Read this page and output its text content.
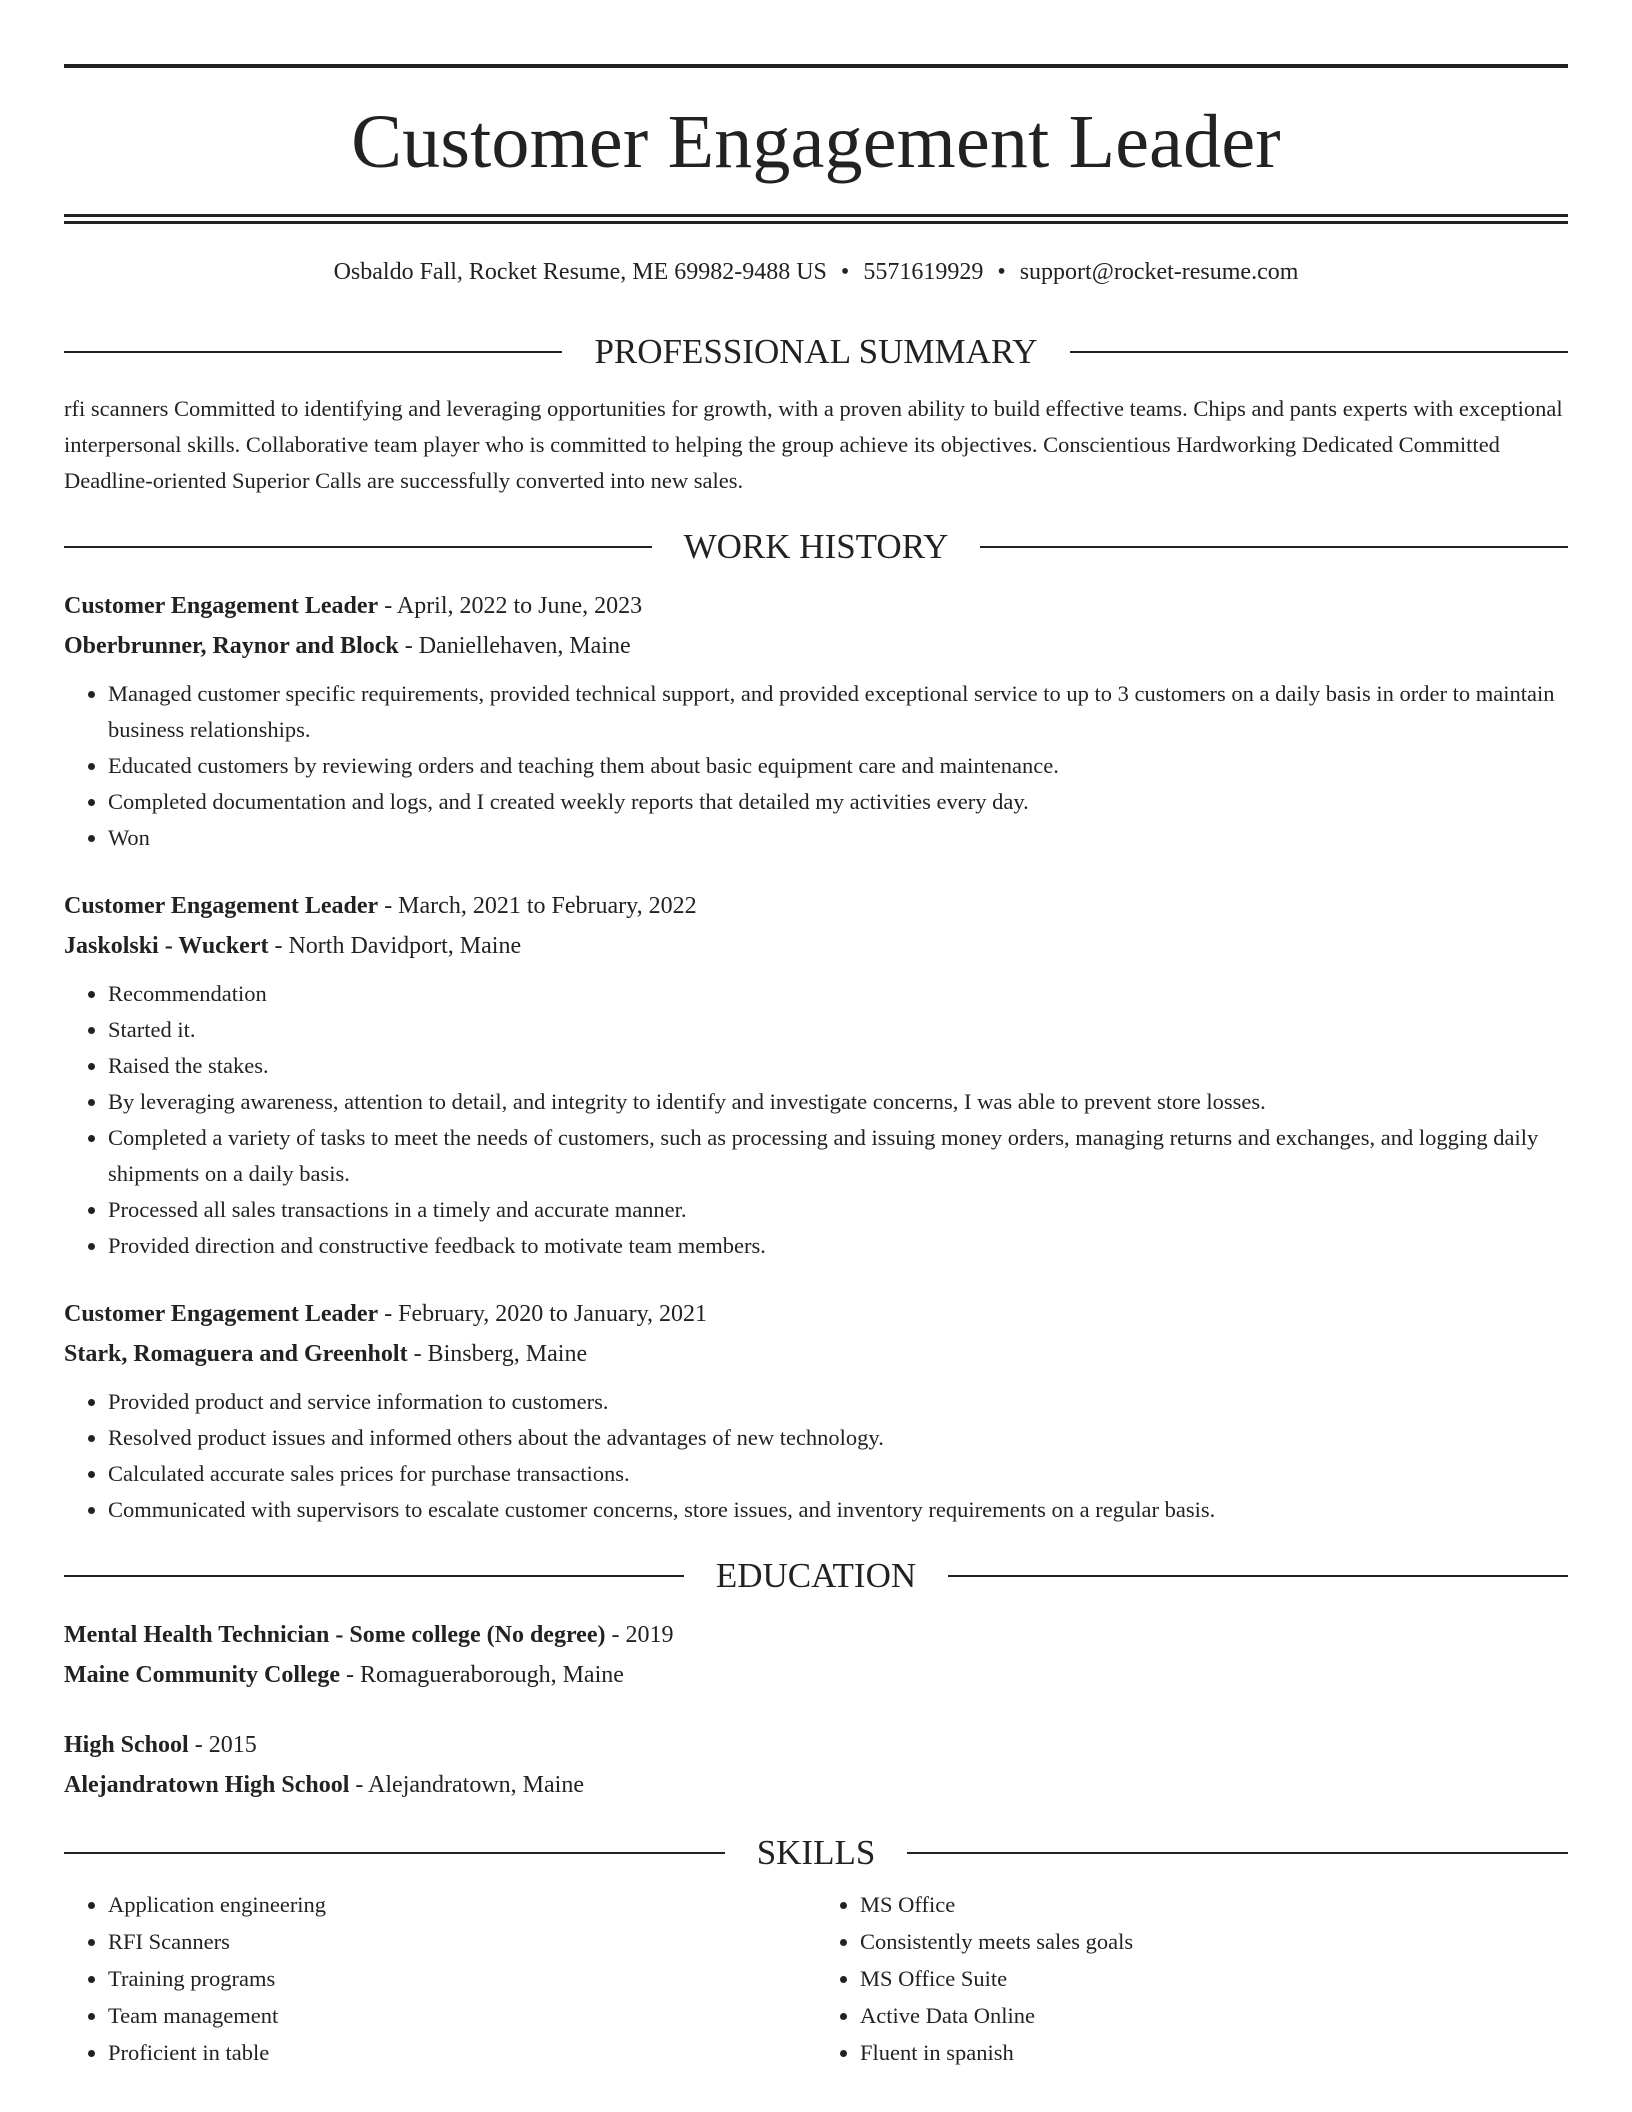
Customer Engagement Leader
Osbaldo Fall, Rocket Resume, ME 69982-9488 US • 5571619929 • support@rocket-resume.com
PROFESSIONAL SUMMARY

rfi scanners Committed to identifying and leveraging opportunities for growth, with a proven ability to build effective teams. Chips and pants experts with exceptional interpersonal skills. Collaborative team player who is committed to helping the group achieve its objectives. Conscientious Hardworking Dedicated Committed Deadline-oriented Superior Calls are successfully converted into new sales.

WORK HISTORY
Customer Engagement Leader - April, 2022 to June, 2023
Oberbrunner, Raynor and Block - Daniellehaven, Maine
• Managed customer specific requirements, provided technical support, and provided exceptional service to up to 3 customers on a daily basis in order to maintain business relationships.
• Educated customers by reviewing orders and teaching them about basic equipment care and maintenance.
• Completed documentation and logs, and I created weekly reports that detailed my activities every day.
• Won
Customer Engagement Leader - March, 2021 to February, 2022
Jaskolski - Wuckert - North Davidport, Maine
• Recommendation
• Started it.
• Raised the stakes.
• By leveraging awareness, attention to detail, and integrity to identify and investigate concerns, I was able to prevent store losses.
• Completed a variety of tasks to meet the needs of customers, such as processing and issuing money orders, managing returns and exchanges, and logging daily shipments on a daily basis.
• Processed all sales transactions in a timely and accurate manner.
• Provided direction and constructive feedback to motivate team members.
Customer Engagement Leader - February, 2020 to January, 2021
Stark, Romaguera and Greenholt - Binsberg, Maine
• Provided product and service information to customers.
• Resolved product issues and informed others about the advantages of new technology.
• Calculated accurate sales prices for purchase transactions.
• Communicated with supervisors to escalate customer concerns, store issues, and inventory requirements on a regular basis.
EDUCATION
Mental Health Technician - Some college (No degree) - 2019
Maine Community College - Romagueraborough, Maine
High School - 2015
Alejandratown High School - Alejandratown, Maine
SKILLS
• Application engineering
• RFI Scanners
• Training programs
• Team management
• Proficient in table
• MS Office
• Consistently meets sales goals
• MS Office Suite
• Active Data Online
• Fluent in spanish
